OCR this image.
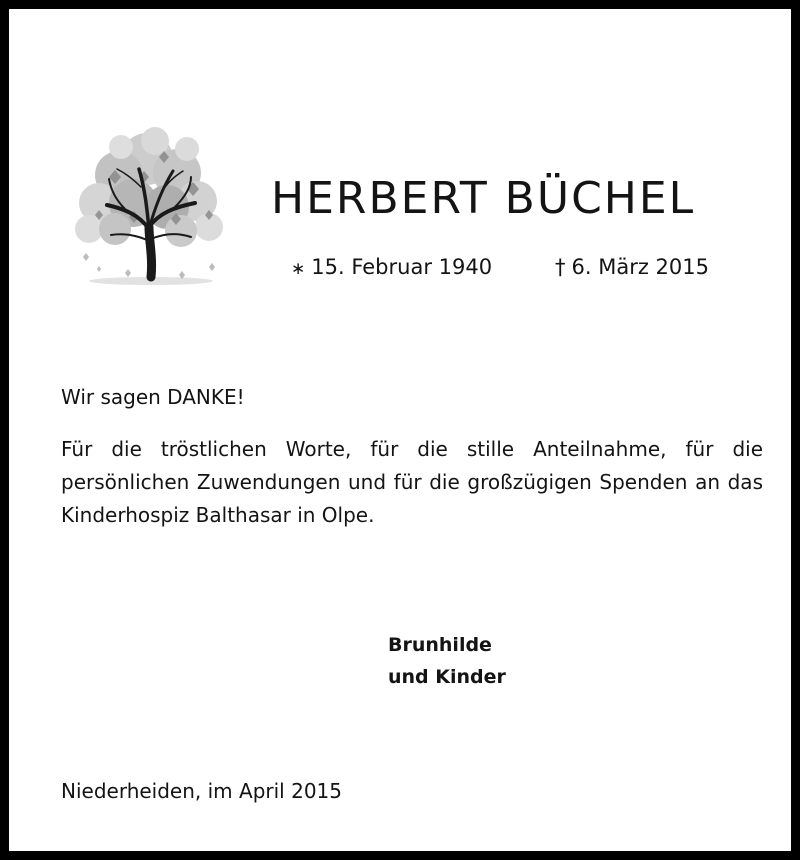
HERBERT BÜCHEL
∗ 15. Februar 1940	† 6. März 2015
Wir sagen DANKE!

Für die tröstlichen Worte, für die stille Anteilnahme, für die persönlichen Zuwendungen und für die großzügigen Spenden an das Kinderhospiz Balthasar in Olpe.

Brunhilde
und Kinder
Niederheiden, im April 2015
